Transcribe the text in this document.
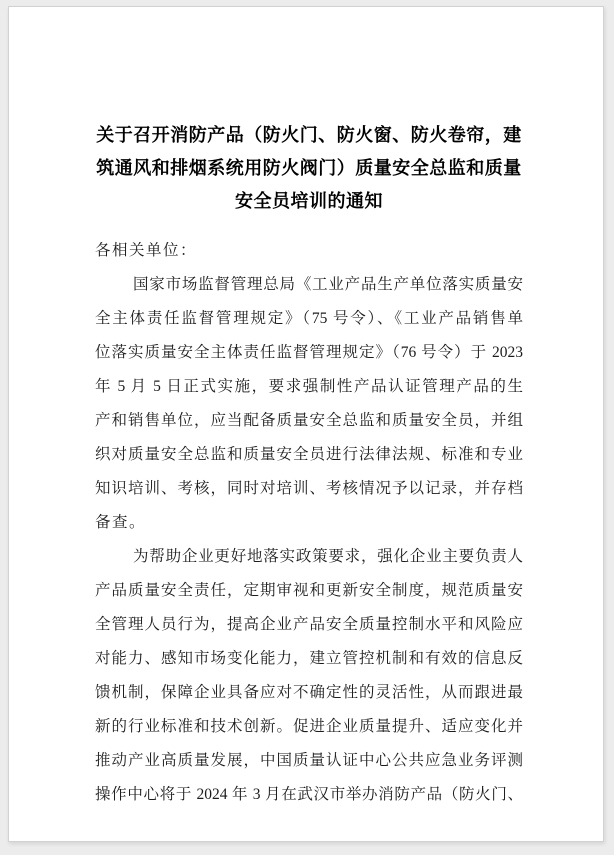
关于召开消防产品（防火门、防火窗、防火卷帘，建
筑通风和排烟系统用防火阀门）质量安全总监和质量
安全员培训的通知
各相关单位：
国家市场监督管理总局《工业产品生产单位落实质量安
全主体责任监督管理规定》（75 号令）、《工业产品销售单
位落实质量安全主体责任监督管理规定》（76 号令）于 2023
年 5 月 5 日正式实施，要求强制性产品认证管理产品的生
产和销售单位，应当配备质量安全总监和质量安全员，并组
织对质量安全总监和质量安全员进行法律法规、标准和专业
知识培训、考核，同时对培训、考核情况予以记录，并存档
备查。
为帮助企业更好地落实政策要求，强化企业主要负责人
产品质量安全责任，定期审视和更新安全制度，规范质量安
全管理人员行为，提高企业产品安全质量控制水平和风险应
对能力、感知市场变化能力，建立管控机制和有效的信息反
馈机制，保障企业具备应对不确定性的灵活性，从而跟进最
新的行业标准和技术创新。促进企业质量提升、适应变化并
推动产业高质量发展，中国质量认证中心公共应急业务评测
操作中心将于 2024 年 3 月在武汉市举办消防产品（防火门、
